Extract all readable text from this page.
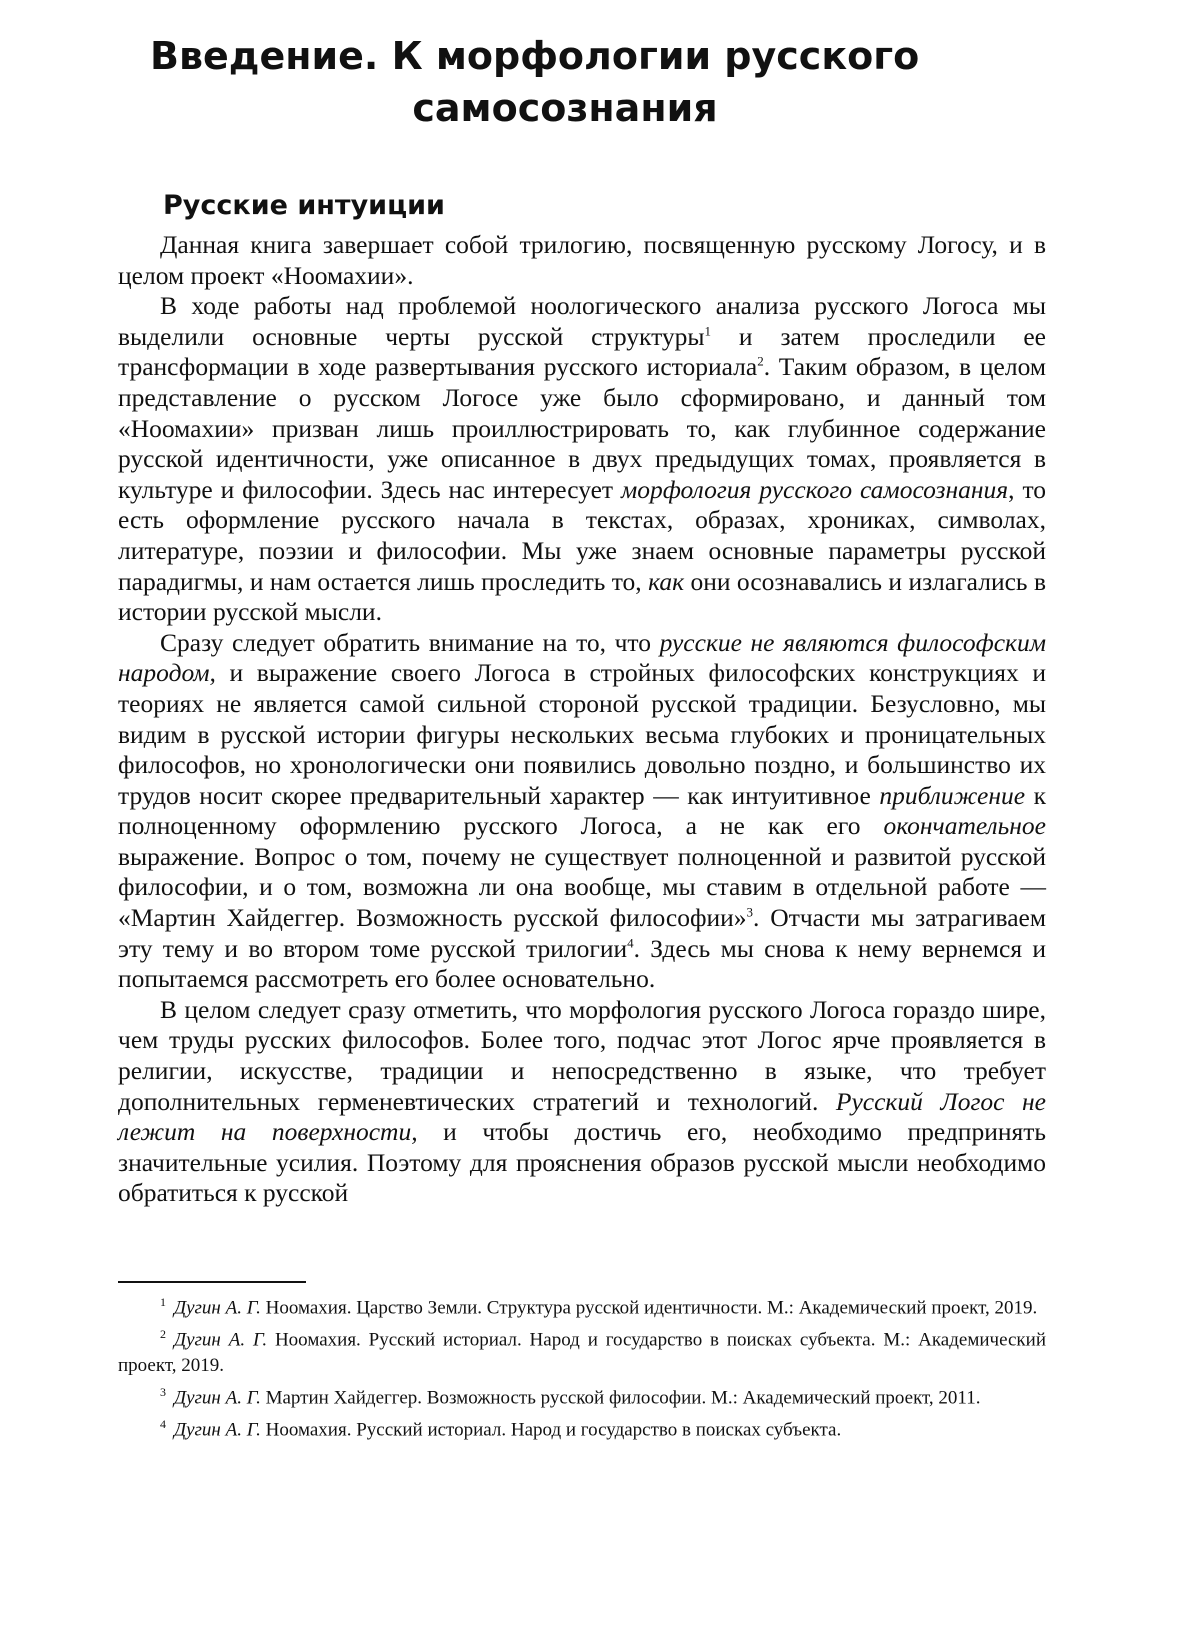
Введение. К морфологии русского
самосознания
Русские интуиции

Данная книга завершает собой трилогию, посвященную русскому Логосу, и в целом проект «Ноомахии».

В ходе работы над проблемой ноологического анализа русского Логоса мы выделили основные черты русской структуры$^1$ и затем проследили ее трансформации в ходе развертывания русского историала$^2$. Таким образом, в целом представление о русском Логосе уже было сформировано, и данный том «Ноомахии» призван лишь проиллюстрировать то, как глубинное содержание русской идентичности, уже описанное в двух предыдущих томах, проявляется в культуре и философии. Здесь нас интересует морфология русского самосознания, то есть оформление русского начала в текстах, образах, хрониках, символах, литературе, поэзии и философии. Мы уже знаем основные параметры русской парадигмы, и нам остается лишь проследить то, как они осознавались и излагались в истории русской мысли.

Сразу следует обратить внимание на то, что русские не являются философским народом, и выражение своего Логоса в стройных философских конструкциях и теориях не является самой сильной стороной русской традиции. Безусловно, мы видим в русской истории фигуры нескольких весьма глубоких и проницательных философов, но хронологически они появились довольно поздно, и большинство их трудов носит скорее предварительный характер — как интуитивное приближение к полноценному оформлению русского Логоса, а не как его окончательное выражение. Вопрос о том, почему не существует полноценной и развитой русской философии, и о том, возможна ли она вообще, мы ставим в отдельной работе — «Мартин Хайдеггер. Возможность русской философии»$^3$. Отчасти мы затрагиваем эту тему и во втором томе русской трилогии$^4$. Здесь мы снова к нему вернемся и попытаемся рассмотреть его более основательно.

В целом следует сразу отметить, что морфология русского Логоса гораздо шире, чем труды русских философов. Более того, подчас этот Логос ярче проявляется в религии, искусстве, традиции и непосредственно в языке, что требует дополнительных герменевтических стратегий и технологий. Русский Логос не лежит на поверхности, и чтобы достичь его, необходимо предпринять значительные усилия. Поэтому для прояснения образов русской мысли необходимо обратиться к русской

$^1$ Дугин А. Г. Ноомахия. Царство Земли. Структура русской идентичности. М.: Академический проект, 2019.

$^2$ Дугин А. Г. Ноомахия. Русский историал. Народ и государство в поисках субъекта. М.: Академический проект, 2019.

$^3$ Дугин А. Г. Мартин Хайдеггер. Возможность русской философии. М.: Академический проект, 2011.

$^4$ Дугин А. Г. Ноомахия. Русский историал. Народ и государство в поисках субъекта.
